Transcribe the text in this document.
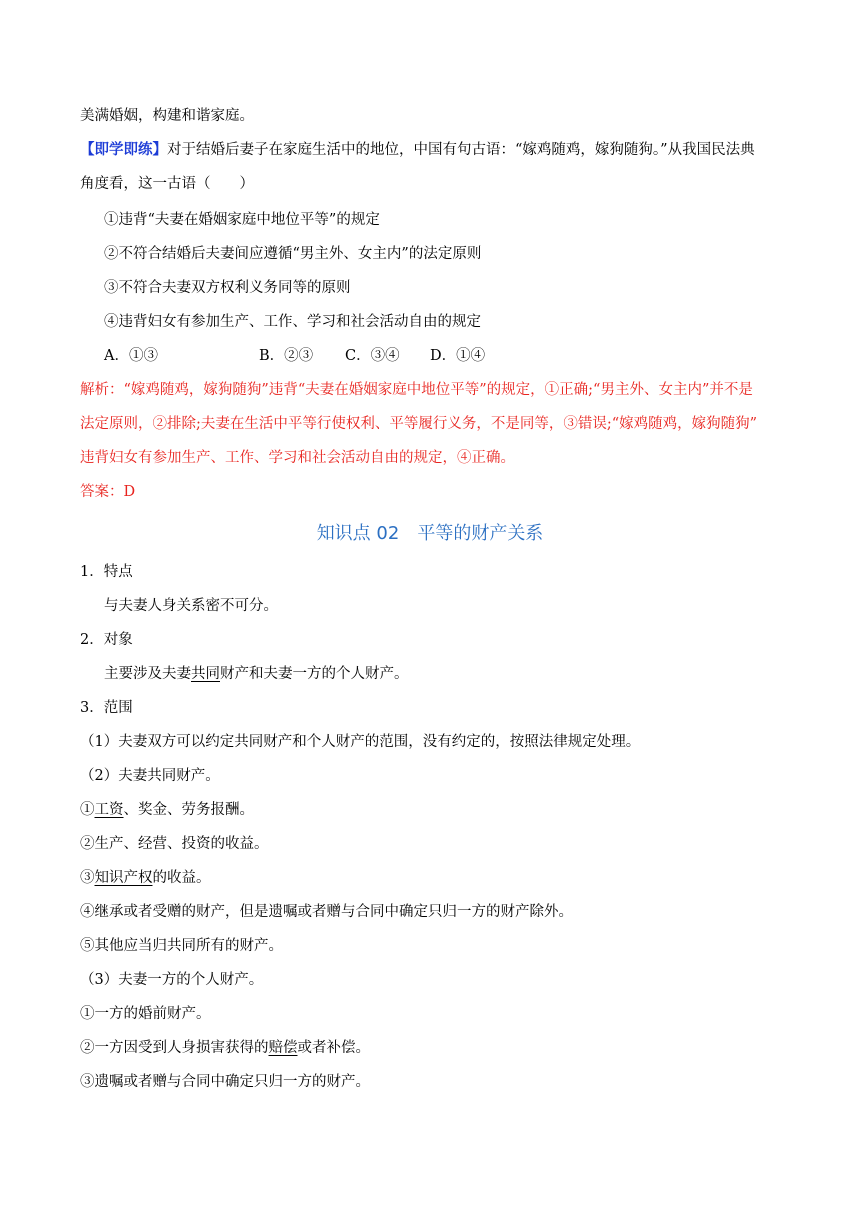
美满婚姻，构建和谐家庭。
【即学即练】对于结婚后妻子在家庭生活中的地位，中国有句古语：“嫁鸡随鸡，嫁狗随狗。”从我国民法典
角度看，这一古语（　　）
①违背“夫妻在婚姻家庭中地位平等”的规定
②不符合结婚后夫妻间应遵循“男主外、女主内”的法定原则
③不符合夫妻双方权利义务同等的原则
④违背妇女有参加生产、工作、学习和社会活动自由的规定
A．①③	B．②③ C．③④ D．①④
解析：“嫁鸡随鸡，嫁狗随狗”违背“夫妻在婚姻家庭中地位平等”的规定，①正确;“男主外、女主内”并不是
法定原则，②排除;夫妻在生活中平等行使权利、平等履行义务，不是同等，③错误;“嫁鸡随鸡，嫁狗随狗”
违背妇女有参加生产、工作、学习和社会活动自由的规定，④正确。
答案：D
知识点 02　平等的财产关系
1．特点
与夫妻人身关系密不可分。
2．对象
主要涉及夫妻共同财产和夫妻一方的个人财产。
3．范围
（1）夫妻双方可以约定共同财产和个人财产的范围，没有约定的，按照法律规定处理。
（2）夫妻共同财产。
①工资、奖金、劳务报酬。
②生产、经营、投资的收益。
③知识产权的收益。
④继承或者受赠的财产，但是遗嘱或者赠与合同中确定只归一方的财产除外。
⑤其他应当归共同所有的财产。
（3）夫妻一方的个人财产。
①一方的婚前财产。
②一方因受到人身损害获得的赔偿或者补偿。
③遗嘱或者赠与合同中确定只归一方的财产。
